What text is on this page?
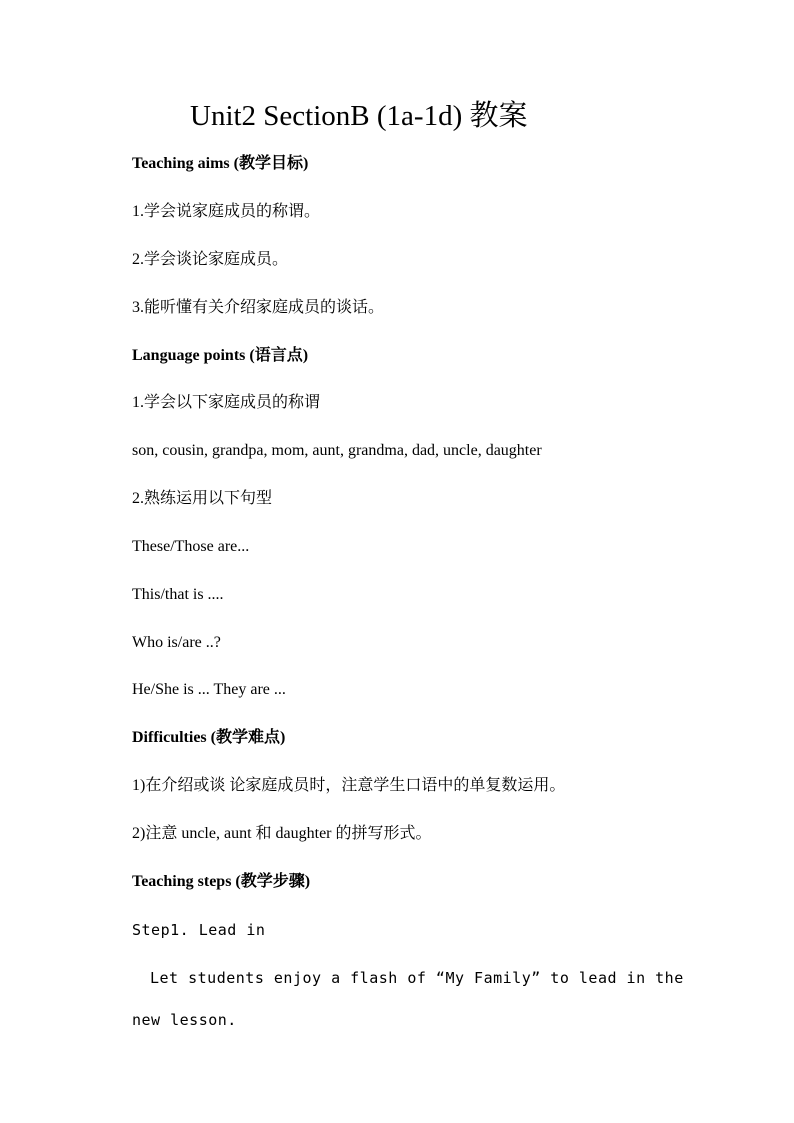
Unit2 SectionB (1a-1d) 教案
Teaching aims (教学目标)
1.学会说家庭成员的称谓。
2.学会谈论家庭成员。
3.能听懂有关介绍家庭成员的谈话。
Language points (语言点)
1.学会以下家庭成员的称谓
son, cousin, grandpa, mom, aunt, grandma, dad, uncle, daughter
2.熟练运用以下句型
These/Those are...
This/that is ....
Who is/are ..?
He/She is ... They are ...
Difficulties (教学难点)
1)在介绍或谈 论家庭成员时，注意学生口语中的单复数运用。
2)注意 uncle, aunt 和 daughter 的拼写形式。
Teaching steps (教学步骤)
Step1. Lead in
Let students enjoy a flash of “My Family” to lead in the
new lesson.
